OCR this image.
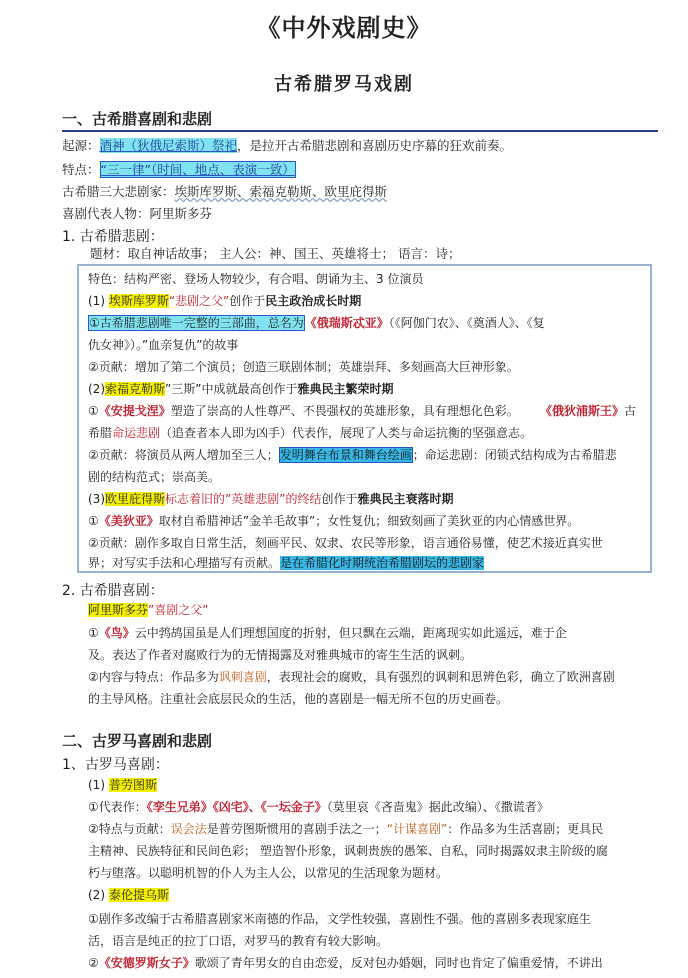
《中外戏剧史》
古希腊罗马戏剧
一、古希腊喜剧和悲剧
起源：酒神（狄俄尼索斯）祭祀，是拉开古希腊悲剧和喜剧历史序幕的狂欢前奏。
特点：“三一律”（时间、地点、表演一致）
古希腊三大悲剧家：埃斯库罗斯、索福克勒斯、欧里庇得斯
喜剧代表人物：阿里斯多芬
1. 古希腊悲剧：
题材：取自神话故事； 主人公：神、国王、英雄将士； 语言：诗；
特色：结构严密、登场人物较少，有合唱、朗诵为主、3 位演员
(1) 埃斯库罗斯“悲剧之父”创作于民主政治成长时期
①古希腊悲剧唯一完整的三部曲，总名为《俄瑞斯忒亚》（《阿伽门农》、《奠酒人》、《复
仇女神》）。”血亲复仇”的故事
②贡献：增加了第二个演员；创造三联剧体制；英雄崇拜、多刻画高大巨神形象。
(2)索福克勒斯”三斯”中成就最高创作于雅典民主繁荣时期
①《安提戈涅》塑造了崇高的人性尊严、不畏强权的英雄形象，具有理想化色彩。 《俄狄浦斯王》古
希腊命运悲剧（追查者本人即为凶手）代表作，展现了人类与命运抗衡的坚强意志。
②贡献：将演员从两人增加至三人；发明舞台布景和舞台绘画；命运悲剧：闭锁式结构成为古希腊悲
剧的结构范式；崇高美。
(3)欧里庇得斯标志着旧的”英雄悲剧”的终结创作于雅典民主衰落时期
①《美狄亚》取材自希腊神话”金羊毛故事”；女性复仇；细致刻画了美狄亚的内心情感世界。
②贡献：剧作多取自日常生活，刻画平民、奴隶、农民等形象，语言通俗易懂，使艺术接近真实世
界；对写实手法和心理描写有贡献。是在希腊化时期统治希腊剧坛的悲剧家
2. 古希腊喜剧：
阿里斯多芬”喜剧之父”
①《鸟》云中鹁鸪国虽是人们理想国度的折射，但只飘在云端，距离现实如此遥远，难于企
及。表达了作者对腐败行为的无情揭露及对雅典城市的寄生生活的讽刺。
②内容与特点：作品多为讽刺喜剧，表现社会的腐败，具有强烈的讽刺和思辨色彩，确立了欧洲喜剧
的主导风格。注重社会底层民众的生活，他的喜剧是一幅无所不包的历史画卷。
二、古罗马喜剧和悲剧
1、古罗马喜剧：
(1) 普劳图斯
①代表作：《孪生兄弟》《凶宅》、《一坛金子》（莫里哀《吝啬鬼》据此改编）、《撒谎者》
②特点与贡献：误会法是普劳图斯惯用的喜剧手法之一；“计谋喜剧”：作品多为生活喜剧；更具民
主精神、民族特征和民间色彩； 塑造智仆形象，讽刺贵族的愚笨、自私，同时揭露奴隶主阶级的腐
朽与堕落。以聪明机智的仆人为主人公，以常见的生活现象为题材。
(2) 泰伦提乌斯
①剧作多改编于古希腊喜剧家米南德的作品，文学性较强，喜剧性不强。他的喜剧多表现家庭生
活，语言是纯正的拉丁口语，对罗马的教育有较大影响。
②《安德罗斯女子》歌颂了青年男女的自由恋爱，反对包办婚姻，同时也肯定了偏重爱情，不讲出
